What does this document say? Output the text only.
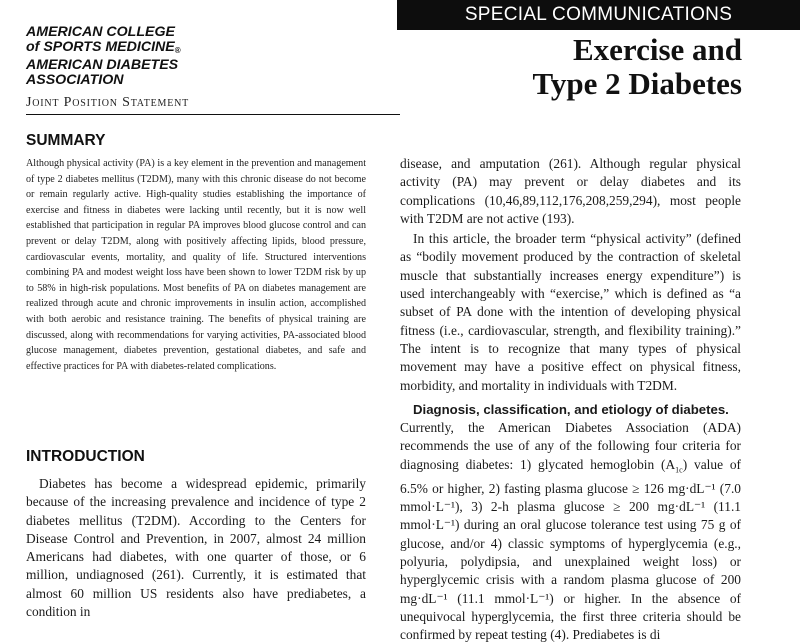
SPECIAL COMMUNICATIONS
AMERICAN COLLEGE
of SPORTS MEDICINE®
AMERICAN DIABETES
ASSOCIATION
Joint Position Statement
Exercise and
Type 2 Diabetes
SUMMARY
Although physical activity (PA) is a key element in the prevention and management of type 2 diabetes mellitus (T2DM), many with this chronic disease do not become or remain regularly active. High-quality studies establishing the importance of exercise and fitness in diabetes were lacking until recently, but it is now well established that participation in regular PA improves blood glucose control and can prevent or delay T2DM, along with positively affecting lipids, blood pressure, cardiovascular events, mortality, and quality of life. Structured interventions combining PA and modest weight loss have been shown to lower T2DM risk by up to 58% in high-risk populations. Most benefits of PA on diabetes management are realized through acute and chronic improvements in insulin action, accomplished with both aerobic and resistance training. The benefits of physical training are discussed, along with recommendations for varying activities, PA-associated blood glucose management, diabetes prevention, gestational diabetes, and safe and effective practices for PA with diabetes-related complications.
INTRODUCTION
Diabetes has become a widespread epidemic, primarily because of the increasing prevalence and incidence of type 2 diabetes mellitus (T2DM). According to the Centers for Disease Control and Prevention, in 2007, almost 24 million Americans had diabetes, with one quarter of those, or 6 million, undiagnosed (261). Currently, it is estimated that almost 60 million US residents also have prediabetes, a condition in

disease, and amputation (261). Although regular physical activity (PA) may prevent or delay diabetes and its complications (10,46,89,112,176,208,259,294), most people with T2DM are not active (193).

In this article, the broader term “physical activity” (defined as “bodily movement produced by the contraction of skeletal muscle that substantially increases energy expenditure”) is used interchangeably with “exercise,” which is defined as “a subset of PA done with the intention of developing physical fitness (i.e., cardiovascular, strength, and flexibility training).” The intent is to recognize that many types of physical movement may have a positive effect on physical fitness, morbidity, and mortality in individuals with T2DM.

Diagnosis, classification, and etiology of diabetes.Currently, the American Diabetes Association (ADA) recommends the use of any of the following four criteria for diagnosing diabetes: 1) glycated hemoglobin $(A_{1c})$ value of 6.5% or higher, 2) fasting plasma glucose ≥ 126 mg·dL⁻¹ (7.0 mmol·L⁻¹), 3) 2-h plasma glucose ≥ 200 mg·dL⁻¹ (11.1 mmol·L⁻¹) during an oral glucose tolerance test using 75 g of glucose, and/or 4) classic symptoms of hyperglycemia (e.g., polyuria, polydipsia, and unexplained weight loss) or hyperglycemic crisis with a random plasma glucose of 200 mg·dL⁻¹ (11.1 mmol·L⁻¹) or higher. In the absence of unequivocal hyperglycemia, the first three criteria should be confirmed by repeat testing (4). Prediabetes is di
